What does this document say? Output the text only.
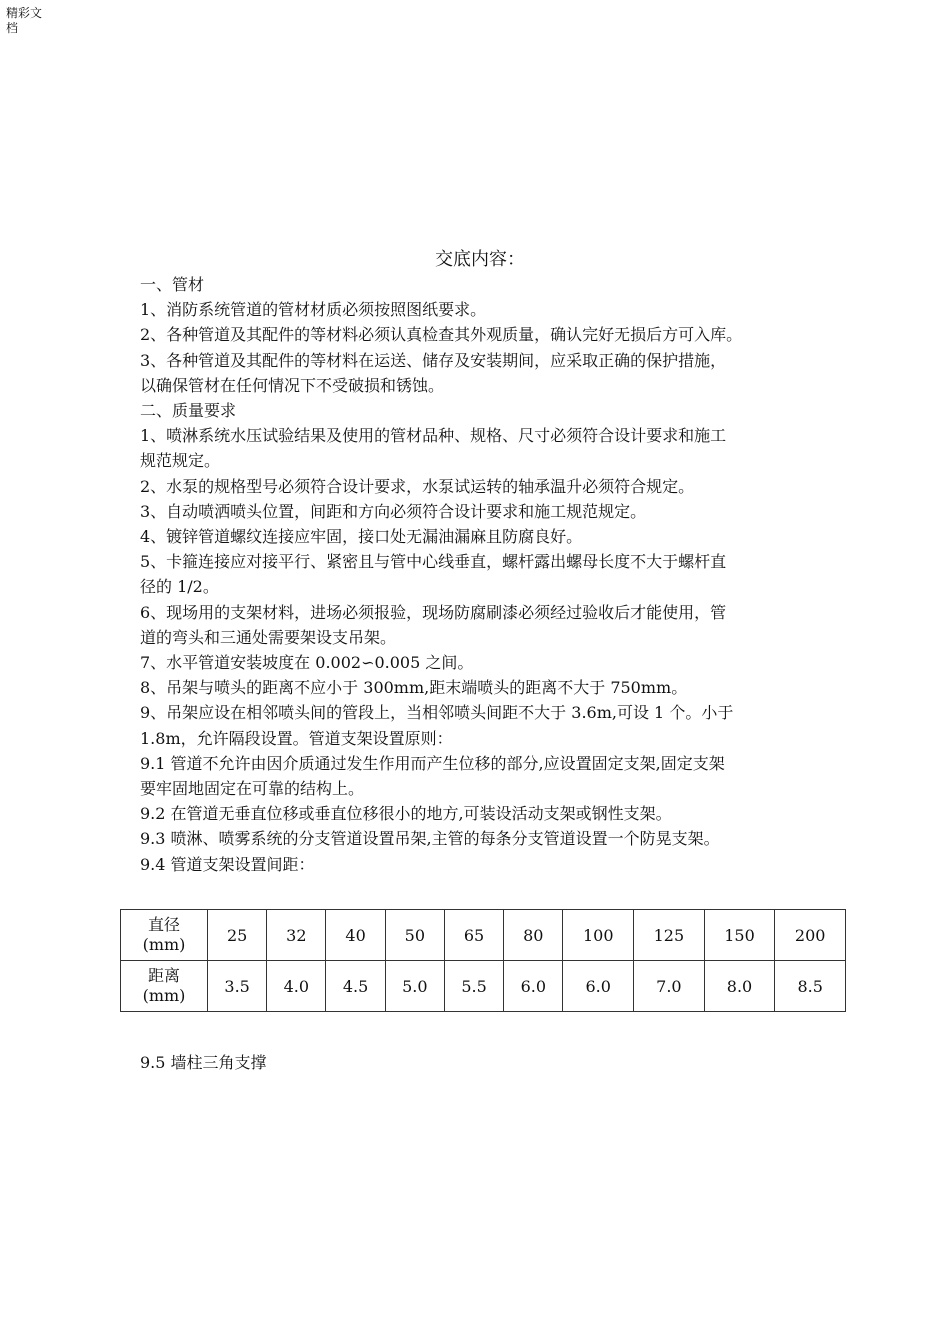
精彩文
档
交底内容：

一、管材

1、消防系统管道的管材材质必须按照图纸要求。

2、各种管道及其配件的等材料必须认真检查其外观质量，确认完好无损后方可入库。

3、各种管道及其配件的等材料在运送、储存及安装期间，应采取正确的保护措施，

以确保管材在任何情况下不受破损和锈蚀。

二、质量要求

1、喷淋系统水压试验结果及使用的管材品种、规格、尺寸必须符合设计要求和施工

规范规定。

2、水泵的规格型号必须符合设计要求，水泵试运转的轴承温升必须符合规定。

3、自动喷洒喷头位置，间距和方向必须符合设计要求和施工规范规定。

4、镀锌管道螺纹连接应牢固，接口处无漏油漏麻且防腐良好。

5、卡箍连接应对接平行、紧密且与管中心线垂直，螺杆露出螺母长度不大于螺杆直

径的 1/2。

6、现场用的支架材料，进场必须报验，现场防腐刷漆必须经过验收后才能使用，管

道的弯头和三通处需要架设支吊架。

7、水平管道安装坡度在 0.002∽0.005 之间。

8、吊架与喷头的距离不应小于 300mm,距末端喷头的距离不大于 750mm。

9、吊架应设在相邻喷头间的管段上，当相邻喷头间距不大于 3.6m,可设 1 个。小于

1.8m，允许隔段设置。管道支架设置原则：

9.1 管道不允许由因介质通过发生作用而产生位移的部分,应设置固定支架,固定支架

要牢固地固定在可靠的结构上。

9.2 在管道无垂直位移或垂直位移很小的地方,可装设活动支架或钢性支架。

9.3 喷淋、喷雾系统的分支管道设置吊架,主管的每条分支管道设置一个防晃支架。

9.4 管道支架设置间距：

直径
(mm)	25	32	40	50	65	80	100	125	150	200

距离
(mm)	3.5	4.0	4.5	5.0	5.5	6.0	6.0	7.0	8.0	8.5
9.5 墙柱三角支撑
